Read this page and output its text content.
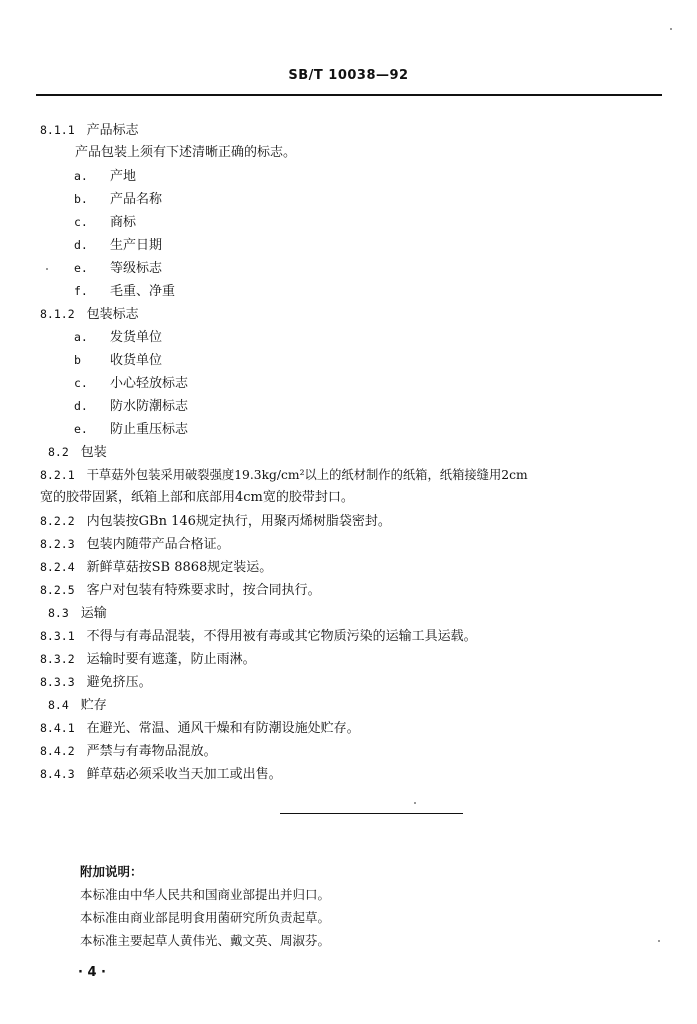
SB/T 10038—92
8.1.1 产品标志
产品包装上须有下述清晰正确的标志。
a. 产地
b. 产品名称
c. 商标
d. 生产日期
e. 等级标志
f. 毛重、净重
8.1.2 包装标志
a. 发货单位
b 收货单位
c. 小心轻放标志
d. 防水防潮标志
e. 防止重压标志
8.2 包装
8.2.1 干草菇外包装采用破裂强度19.3kg/cm²以上的纸材制作的纸箱，纸箱接缝用2cm
宽的胶带固紧，纸箱上部和底部用4cm宽的胶带封口。
8.2.2 内包装按GBn 146规定执行，用聚丙烯树脂袋密封。
8.2.3 包装内随带产品合格证。
8.2.4 新鲜草菇按SB 8868规定装运。
8.2.5 客户对包装有特殊要求时，按合同执行。
8.3 运输
8.3.1 不得与有毒品混装，不得用被有毒或其它物质污染的运输工具运载。
8.3.2 运输时要有遮蓬，防止雨淋。
8.3.3 避免挤压。
8.4 贮存
8.4.1 在避光、常温、通风干燥和有防潮设施处贮存。
8.4.2 严禁与有毒物品混放。
8.4.3 鲜草菇必须采收当天加工或出售。
附加说明：
本标准由中华人民共和国商业部提出并归口。
本标准由商业部昆明食用菌研究所负责起草。
本标准主要起草人黄伟光、戴文英、周淑芬。
· 4 ·
